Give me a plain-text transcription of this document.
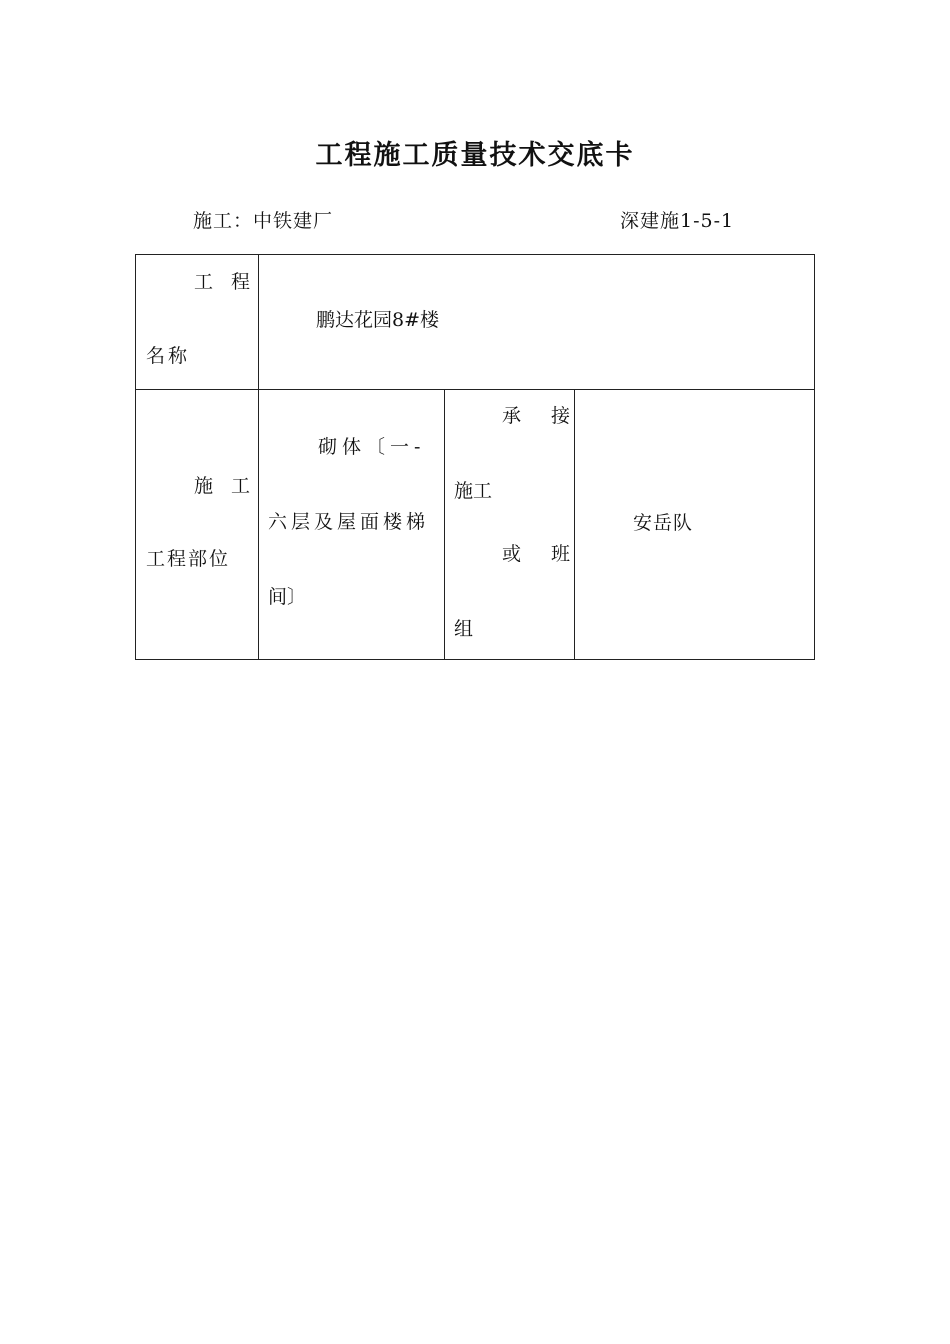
工程施工质量技术交底卡
施工：中铁建厂	深建施1-5-1
工 程
名称
鹏达花园8#楼
施 工
工程部位
砌体〔一-
六层及屋面楼梯
间〕
承 接
施工
或 班
组
安岳队
